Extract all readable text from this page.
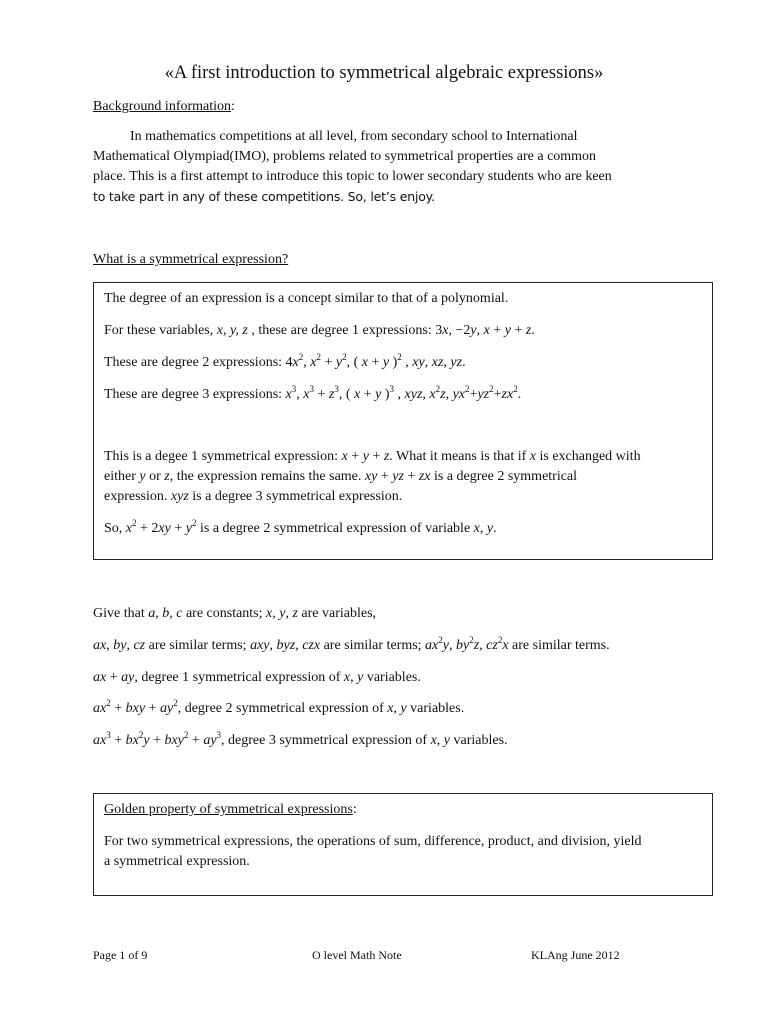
«A first introduction to symmetrical algebraic expressions»
Background information:

In mathematics competitions at all level, from secondary school to International

Mathematical Olympiad(IMO), problems related to symmetrical properties are a common

place. This is a first attempt to introduce this topic to lower secondary students who are keen

to take part in any of these competitions. So, let’s enjoy.

What is a symmetrical expression?

The degree of an expression is a concept similar to that of a polynomial.

For these variables, x, y, z , these are degree 1 expressions: 3x, −2y, x + y + z.

These are degree 2 expressions: $4x^2$, $x^2 + y^2$, ( x + y )$^2$ , xy, xz, yz.

These are degree 3 expressions: $x^3$, $x^3 + z^3$, ( x + y )$^3$ , xyz, $x^2z$, $yx^2+yz^2+zx^2$.

This is a degee 1 symmetrical expression: x + y + z. What it means is that if x is exchanged with

either y or z, the expression remains the same. xy + yz + zx is a degree 2 symmetrical

expression. xyz is a degree 3 symmetrical expression.

So, $x^2 + 2xy + y^2$ is a degree 2 symmetrical expression of variable x, y.

Give that a, b, c are constants; x, y, z are variables,
ax, by, cz are similar terms; axy, byz, czx are similar terms; $ax^2y$, $by^2z$, $cz^2x$ are similar terms.
ax + ay, degree 1 symmetrical expression of x, y variables.
$ax^2$ + bxy + $ay^2$, degree 2 symmetrical expression of x, y variables.
$ax^3 + bx^2y + bxy^2 + ay^3$, degree 3 symmetrical expression of x, y variables.

Golden property of symmetrical expressions:

For two symmetrical expressions, the operations of sum, difference, product, and division, yield

a symmetrical expression.

Page 1 of 9	O level Math Note	KLAng June 2012
